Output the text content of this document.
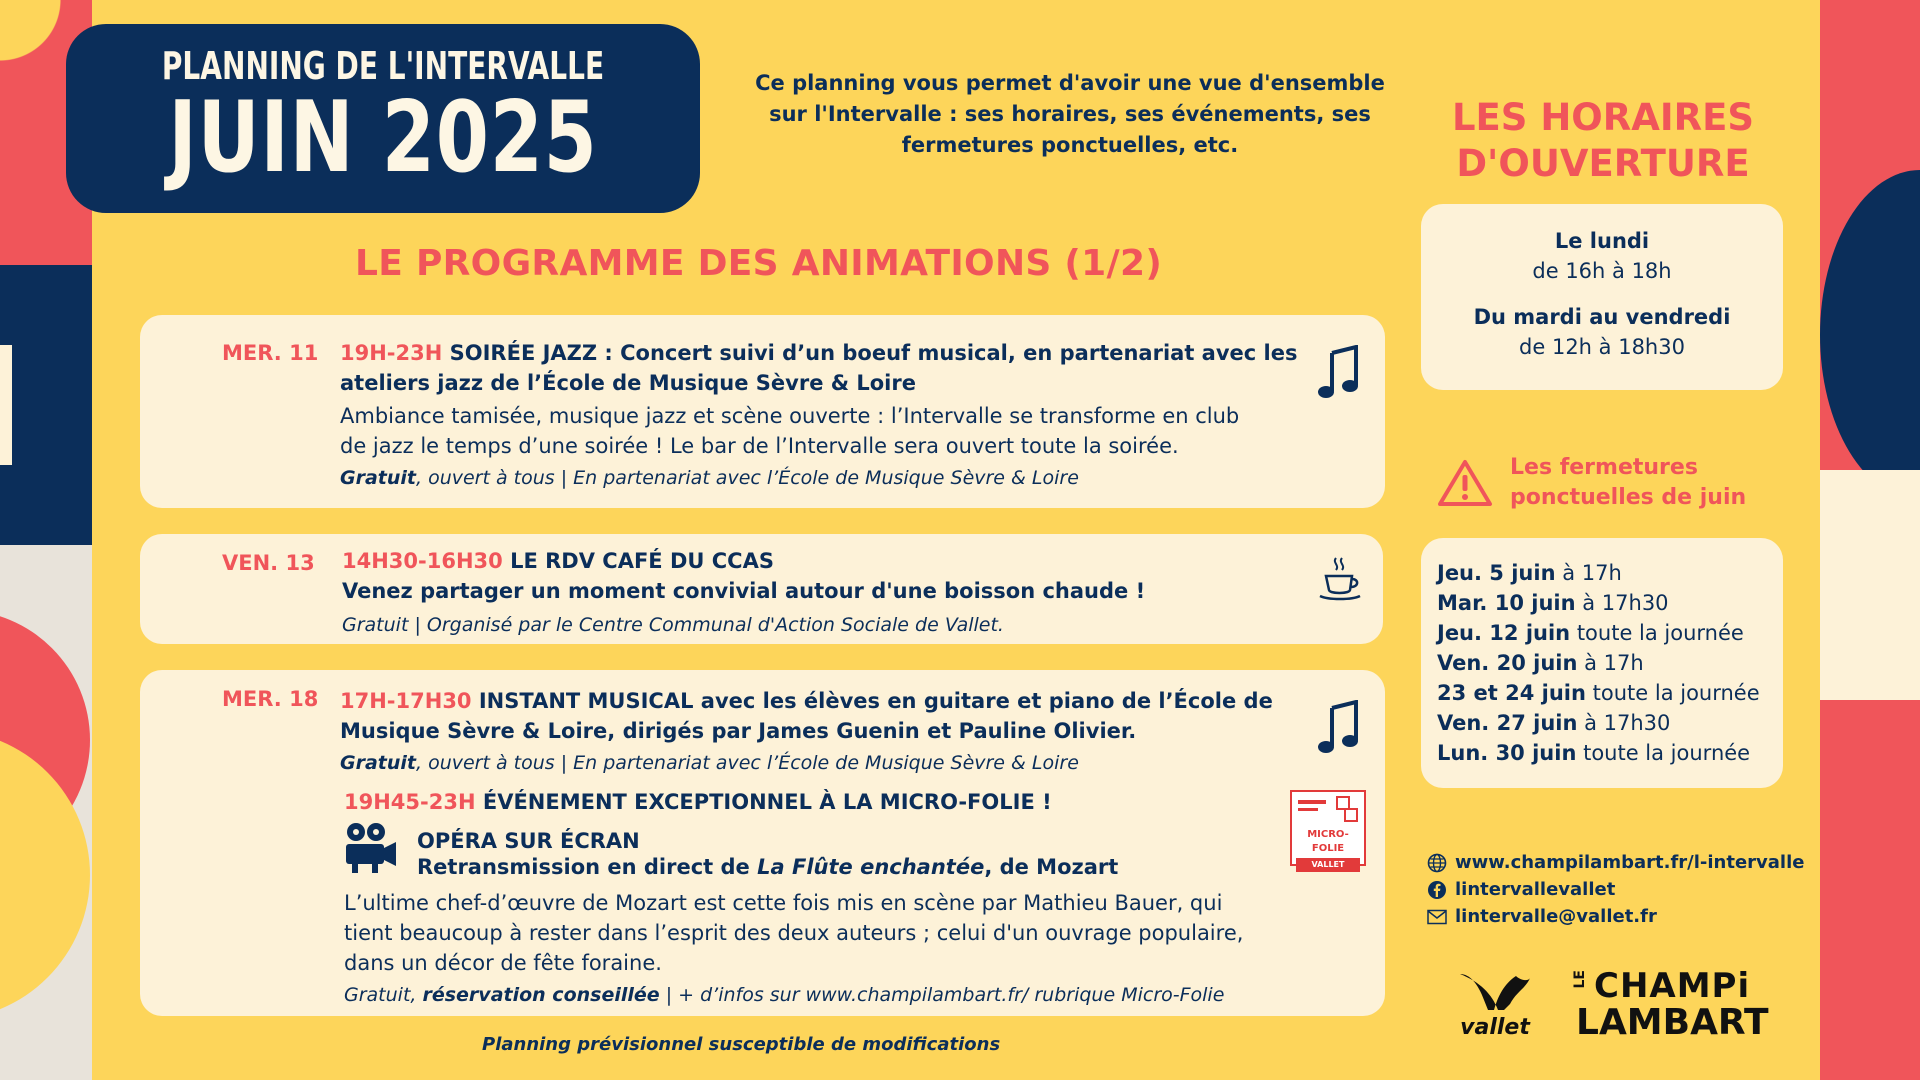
PLANNING DE L'INTERVALLE
JUIN 2025	Ce planning vous permet d'avoir une vue d'ensemble sur l'Intervalle : ses horaires, ses événements, ses fermetures ponctuelles, etc.
LE PROGRAMME DES ANIMATIONS (1/2)
MER. 11 19H-23H SOIRÉE JAZZ : Concert suivi d’un boeuf musical, en partenariat avec les
ateliers jazz de l’École de Musique Sèvre & Loire
Ambiance tamisée, musique jazz et scène ouverte : l’Intervalle se transforme en club
de jazz le temps d’une soirée ! Le bar de l’Intervalle sera ouvert toute la soirée.
Gratuit, ouvert à tous | En partenariat avec l’École de Musique Sèvre & Loire
VEN. 13 14H30-16H30 LE RDV CAFÉ DU CCAS
Venez partager un moment convivial autour d'une boisson chaude !
Gratuit | Organisé par le Centre Communal d'Action Sociale de Vallet.
MER. 18 17H-17H30 INSTANT MUSICAL avec les élèves en guitare et piano de l’École de
Musique Sèvre & Loire, dirigés par James Guenin et Pauline Olivier.
Gratuit, ouvert à tous | En partenariat avec l’École de Musique Sèvre & Loire
19H45-23H ÉVÉNEMENT EXCEPTIONNEL À LA MICRO-FOLIE !
OPÉRA SUR ÉCRAN
Retransmission en direct de La Flûte enchantée, de Mozart
L’ultime chef-d’œuvre de Mozart est cette fois mis en scène par Mathieu Bauer, qui
tient beaucoup à rester dans l’esprit des deux auteurs ; celui d'un ouvrage populaire,
dans un décor de fête foraine.
Gratuit, réservation conseillée | + d’infos sur www.champilambart.fr/ rubrique Micro-Folie
MICRO-FOLIE
VALLET
Planning prévisionnel susceptible de modifications
LES HORAIRES
D'OUVERTURE
Le lundi
de 16h à 18h
Du mardi au vendredi
de 12h à 18h30
Les fermetures
ponctuelles de juin
Jeu. 5 juin à 17h
Mar. 10 juin à 17h30
Jeu. 12 juin toute la journée
Ven. 20 juin à 17h
23 et 24 juin toute la journée
Ven. 27 juin à 17h30
Lun. 30 juin toute la journée
www.champilambart.fr/l-intervalle
lintervallevallet
lintervalle@vallet.fr
vallet
LE CHAMPi
LAMBART
